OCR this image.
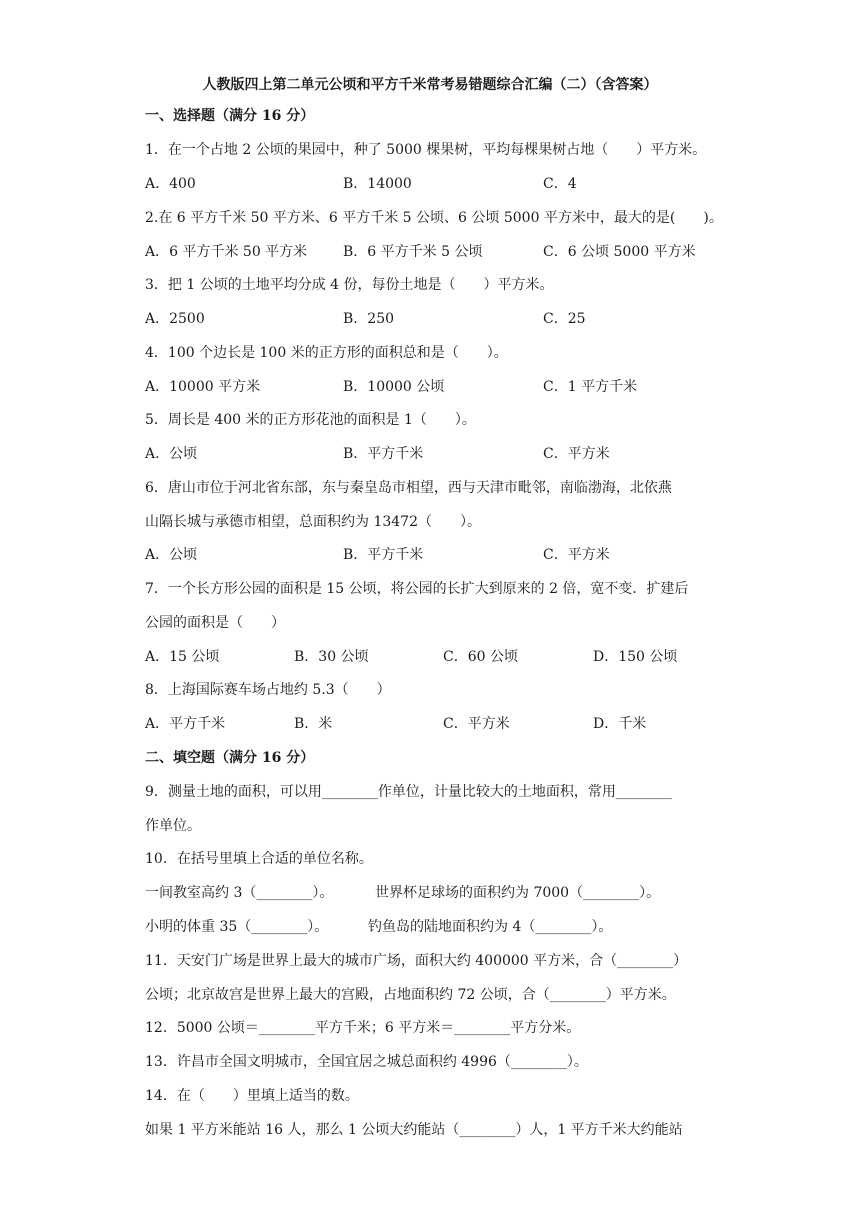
人教版四上第二单元公顷和平方千米常考易错题综合汇编（二）（含答案）
一、选择题（满分 16 分）
1．在一个占地 2 公顷的果园中，种了 5000 棵果树，平均每棵果树占地（　　）平方米。
A．400	B．14000	C．4
2.在 6 平方千米 50 平方米、6 平方千米 5 公顷、6 公顷 5000 平方米中，最大的是(　　)。
A．6 平方千米 50 平方米	B．6 平方千米 5 公顷	C．6 公顷 5000 平方米
3．把 1 公顷的土地平均分成 4 份，每份土地是（　　）平方米。
A．2500	B．250	C．25
4．100 个边长是 100 米的正方形的面积总和是（　　）。
A．10000 平方米	B．10000 公顷	C．1 平方千米
5．周长是 400 米的正方形花池的面积是 1（　　）。
A．公顷	B．平方千米	C．平方米
6．唐山市位于河北省东部，东与秦皇岛市相望，西与天津市毗邻，南临渤海，北依燕
山隔长城与承德市相望，总面积约为 13472（　　）。
A．公顷	B．平方千米	C．平方米
7．一个长方形公园的面积是 15 公顷，将公园的长扩大到原来的 2 倍，宽不变．扩建后
公园的面积是（　　）
A．15 公顷	B．30 公顷	C．60 公顷	D．150 公顷
8．上海国际赛车场占地约 5.3（　　）
A．平方千米	B．米	C．平方米	D．千米
二、填空题（满分 16 分）
9．测量土地的面积，可以用________作单位，计量比较大的土地面积，常用________
作单位。
10．在括号里填上合适的单位名称。
一间教室高约 3（________）。	世界杯足球场的面积约为 7000（________）。
小明的体重 35（________）。	钓鱼岛的陆地面积约为 4（________）。
11．天安门广场是世界上最大的城市广场，面积大约 400000 平方米，合（________）
公顷；北京故宫是世界上最大的宫殿，占地面积约 72 公顷，合（________）平方米。
12．5000 公顷＝________平方千米；6 平方米＝________平方分米。
13．许昌市全国文明城市，全国宜居之城总面积约 4996（________）。
14．在（　　）里填上适当的数。
如果 1 平方米能站 16 人，那么 1 公顷大约能站（________）人，1 平方千米大约能站
